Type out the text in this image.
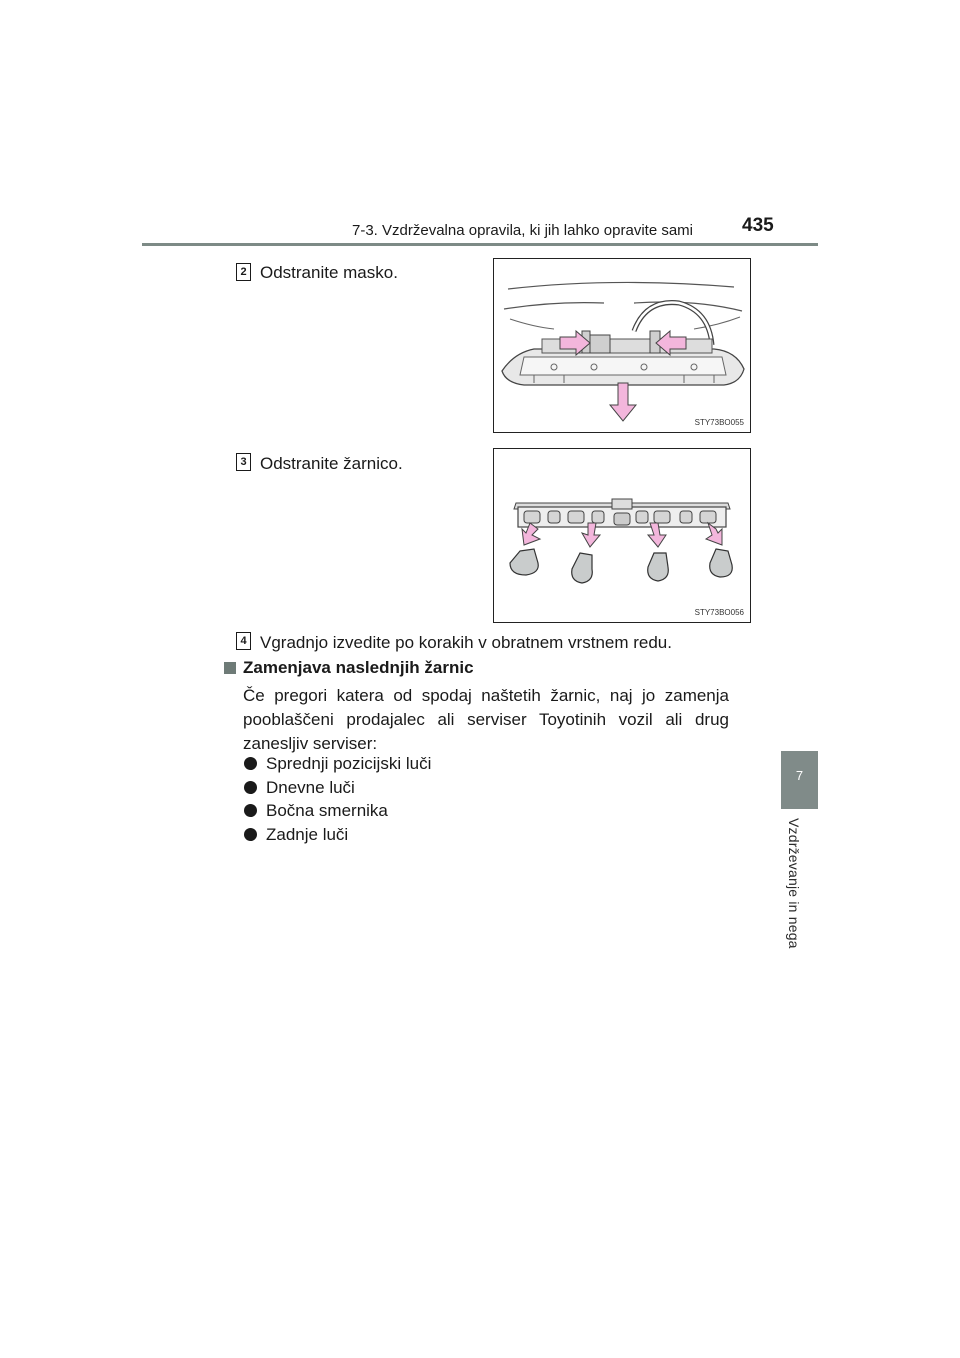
7-3. Vzdrževalna opravila, ki jih lahko opravite sami	435
7
Vzdrževanje in nega
2 Odstranite masko.
STY73BO055
3 Odstranite žarnico.
STY73BO056
4 Vgradnjo izvedite po korakih v obratnem vrstnem redu.
Zamenjava naslednjih žarnic
Če pregori katera od spodaj naštetih žarnic, naj jo zamenja pooblaščeni prodajalec ali serviser Toyotinih vozil ali drug zanesljiv serviser:
Sprednji pozicijski luči
Dnevne luči
Bočna smernika
Zadnje luči
